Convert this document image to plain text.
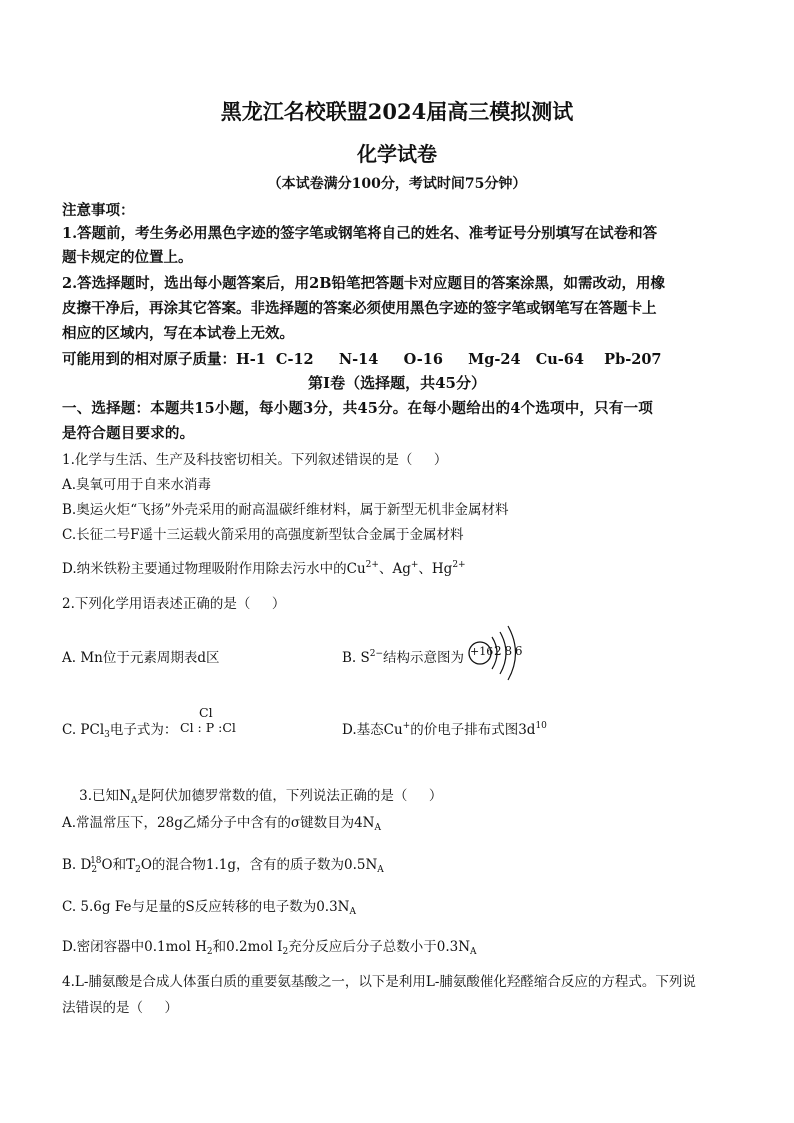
黑龙江名校联盟2024届高三模拟测试
化学试卷
（本试卷满分100分，考试时间75分钟）
注意事项：
1.答题前，考生务必用黑色字迹的签字笔或钢笔将自己的姓名、准考证号分别填写在试卷和答
题卡规定的位置上。
2.答选择题时，选出每小题答案后，用2B铅笔把答题卡对应题目的答案涂黑，如需改动，用橡
皮擦干净后，再涂其它答案。非选择题的答案必须使用黑色字迹的签字笔或钢笔写在答题卡上
相应的区域内，写在本试卷上无效。
可能用到的相对原子质量：H-1  C-12     N-14     O-16     Mg-24   Cu-64    Pb-207
第Ⅰ卷（选择题，共45分）
一、选择题：本题共15小题，每小题3分，共45分。在每小题给出的4个选项中，只有一项
是符合题目要求的。
1.化学与生活、生产及科技密切相关。下列叙述错误的是（     ）
A.臭氧可用于自来水消毒
B.奥运火炬“飞扬”外壳采用的耐高温碳纤维材料，属于新型无机非金属材料
C.长征二号F遥十三运载火箭采用的高强度新型钛合金属于金属材料
D.纳米铁粉主要通过物理吸附作用除去污水中的$Cu^{2+}$、Ag+、$Hg^{2+}$
2.下列化学用语表述正确的是（     ）
A. Mn位于元素周期表d区	B. $S^{2-}$结构示意图为 +16 2 8 6
C. PCl$_3$电子式为：
Cl
Cl : P :Cl	D.基态Cu+的价电子排布式图$3d^{10}$

3.已知$N_A$是阿伏加德罗常数的值，下列说法正确的是（     ）

A.常温常压下，28g乙烯分子中含有的σ键数目为$4N_A$
B. $D_2^{18}O$和$T_2O$的混合物1.1g，含有的质子数为$0.5N_A$
C. 5.6g Fe与足量的S反应转移的电子数为$0.3N_A$
D.密闭容器中0.1mol $H_2$和0.2mol $I_2$充分反应后分子总数小于$0.3N_A$
4.L-脯氨酸是合成人体蛋白质的重要氨基酸之一，以下是利用L-脯氨酸催化羟醛缩合反应的方程式。下列说
法错误的是（     ）
